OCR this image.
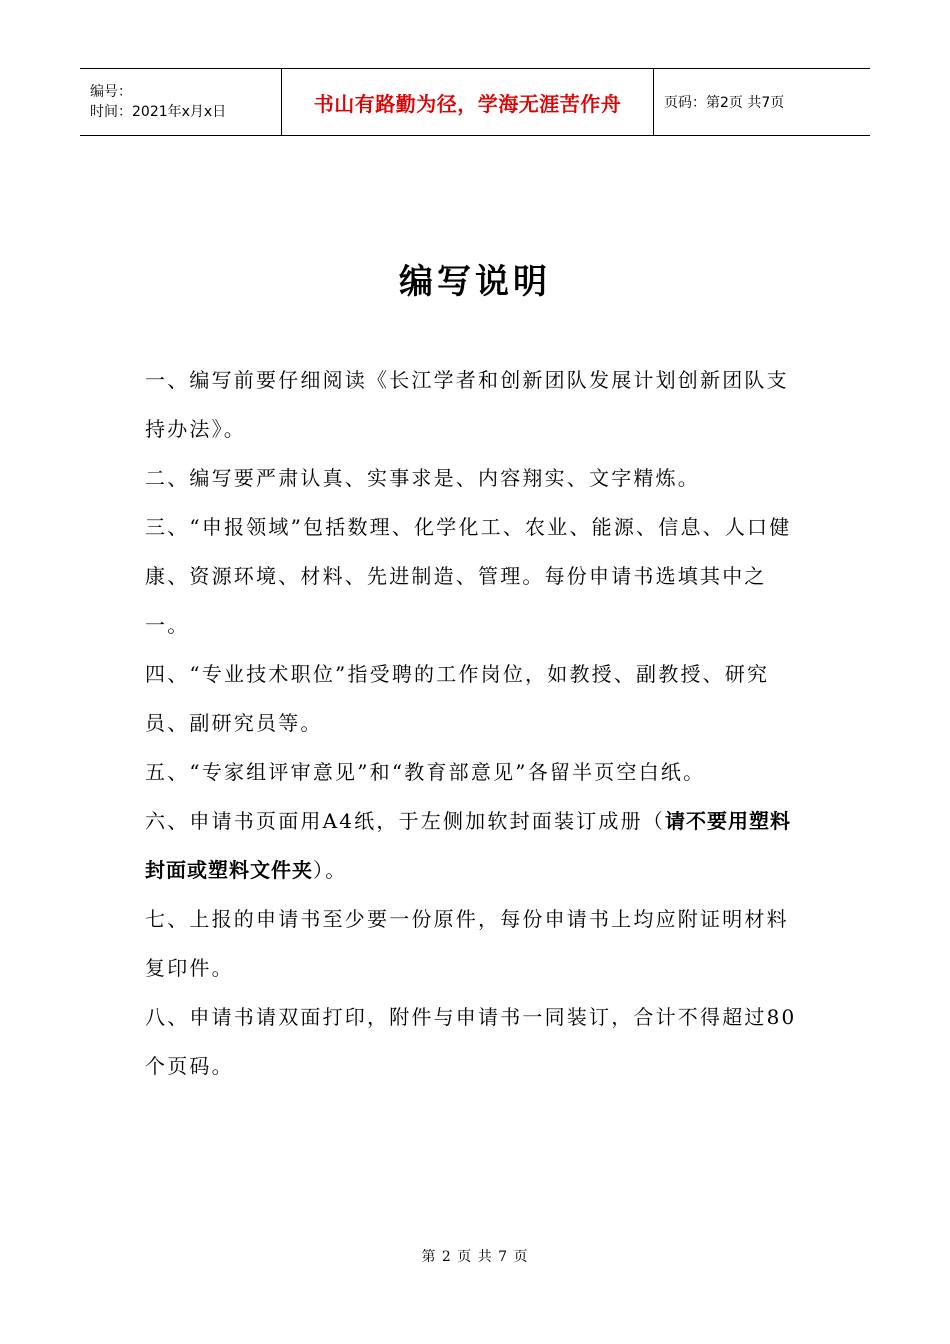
编号：
时间：2021年x月x日	书山有路勤为径，学海无涯苦作舟	页码：第2页 共7页
编写说明

一、编写前要仔细阅读《长江学者和创新团队发展计划创新团队支持办法》。

二、编写要严肃认真、实事求是、内容翔实、文字精炼。

三、“申报领域”包括数理、化学化工、农业、能源、信息、人口健康、资源环境、材料、先进制造、管理。每份申请书选填其中之一。

四、“专业技术职位”指受聘的工作岗位，如教授、副教授、研究员、副研究员等。

五、“专家组评审意见”和“教育部意见”各留半页空白纸。

六、申请书页面用A4纸，于左侧加软封面装订成册（请不要用塑料封面或塑料文件夹）。

七、上报的申请书至少要一份原件，每份申请书上均应附证明材料复印件。

八、申请书请双面打印，附件与申请书一同装订，合计不得超过80个页码。

第 2 页 共 7 页
